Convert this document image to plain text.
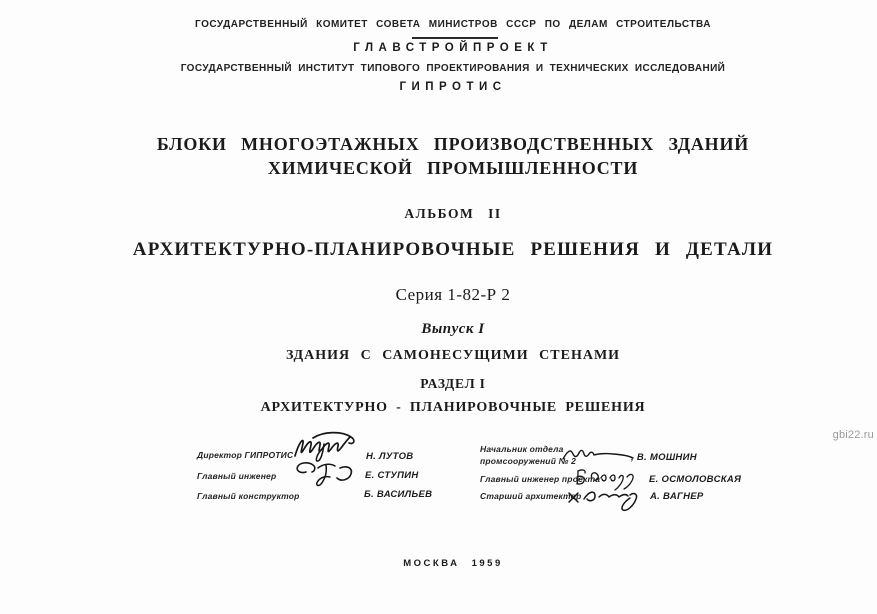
ГОСУДАРСТВЕННЫЙ КОМИТЕТ СОВЕТА МИНИСТРОВ СССР ПО ДЕЛАМ СТРОИТЕЛЬСТВА
ГЛАВСТРОЙПРОЕКТ
ГОСУДАРСТВЕННЫЙ ИНСТИТУТ ТИПОВОГО ПРОЕКТИРОВАНИЯ И ТЕХНИЧЕСКИХ ИССЛЕДОВАНИЙ
ГИПРОТИС
БЛОКИ МНОГОЭТАЖНЫХ ПРОИЗВОДСТВЕННЫХ ЗДАНИЙ
ХИМИЧЕСКОЙ ПРОМЫШЛЕННОСТИ
АЛЬБОМ II
АРХИТЕКТУРНО-ПЛАНИРОВОЧНЫЕ РЕШЕНИЯ И ДЕТАЛИ
Серия 1-82-Р 2
Выпуск I
ЗДАНИЯ С САМОНЕСУЩИМИ СТЕНАМИ
РАЗДЕЛ I
АРХИТЕКТУРНО - ПЛАНИРОВОЧНЫЕ РЕШЕНИЯ
Директор ГИПРОТИС	Н. ЛУТОВ
Главный инженер	Е. СТУПИН
Главный конструктор	Б. ВАСИЛЬЕВ
Начальник отдела промсооружений № 2	, В. МОШНИН
Главный инженер проекта	Е. ОСМОЛОВСКАЯ
Старший архитектор	А. ВАГНЕР
МОСКВА 1959
gbi22.ru
